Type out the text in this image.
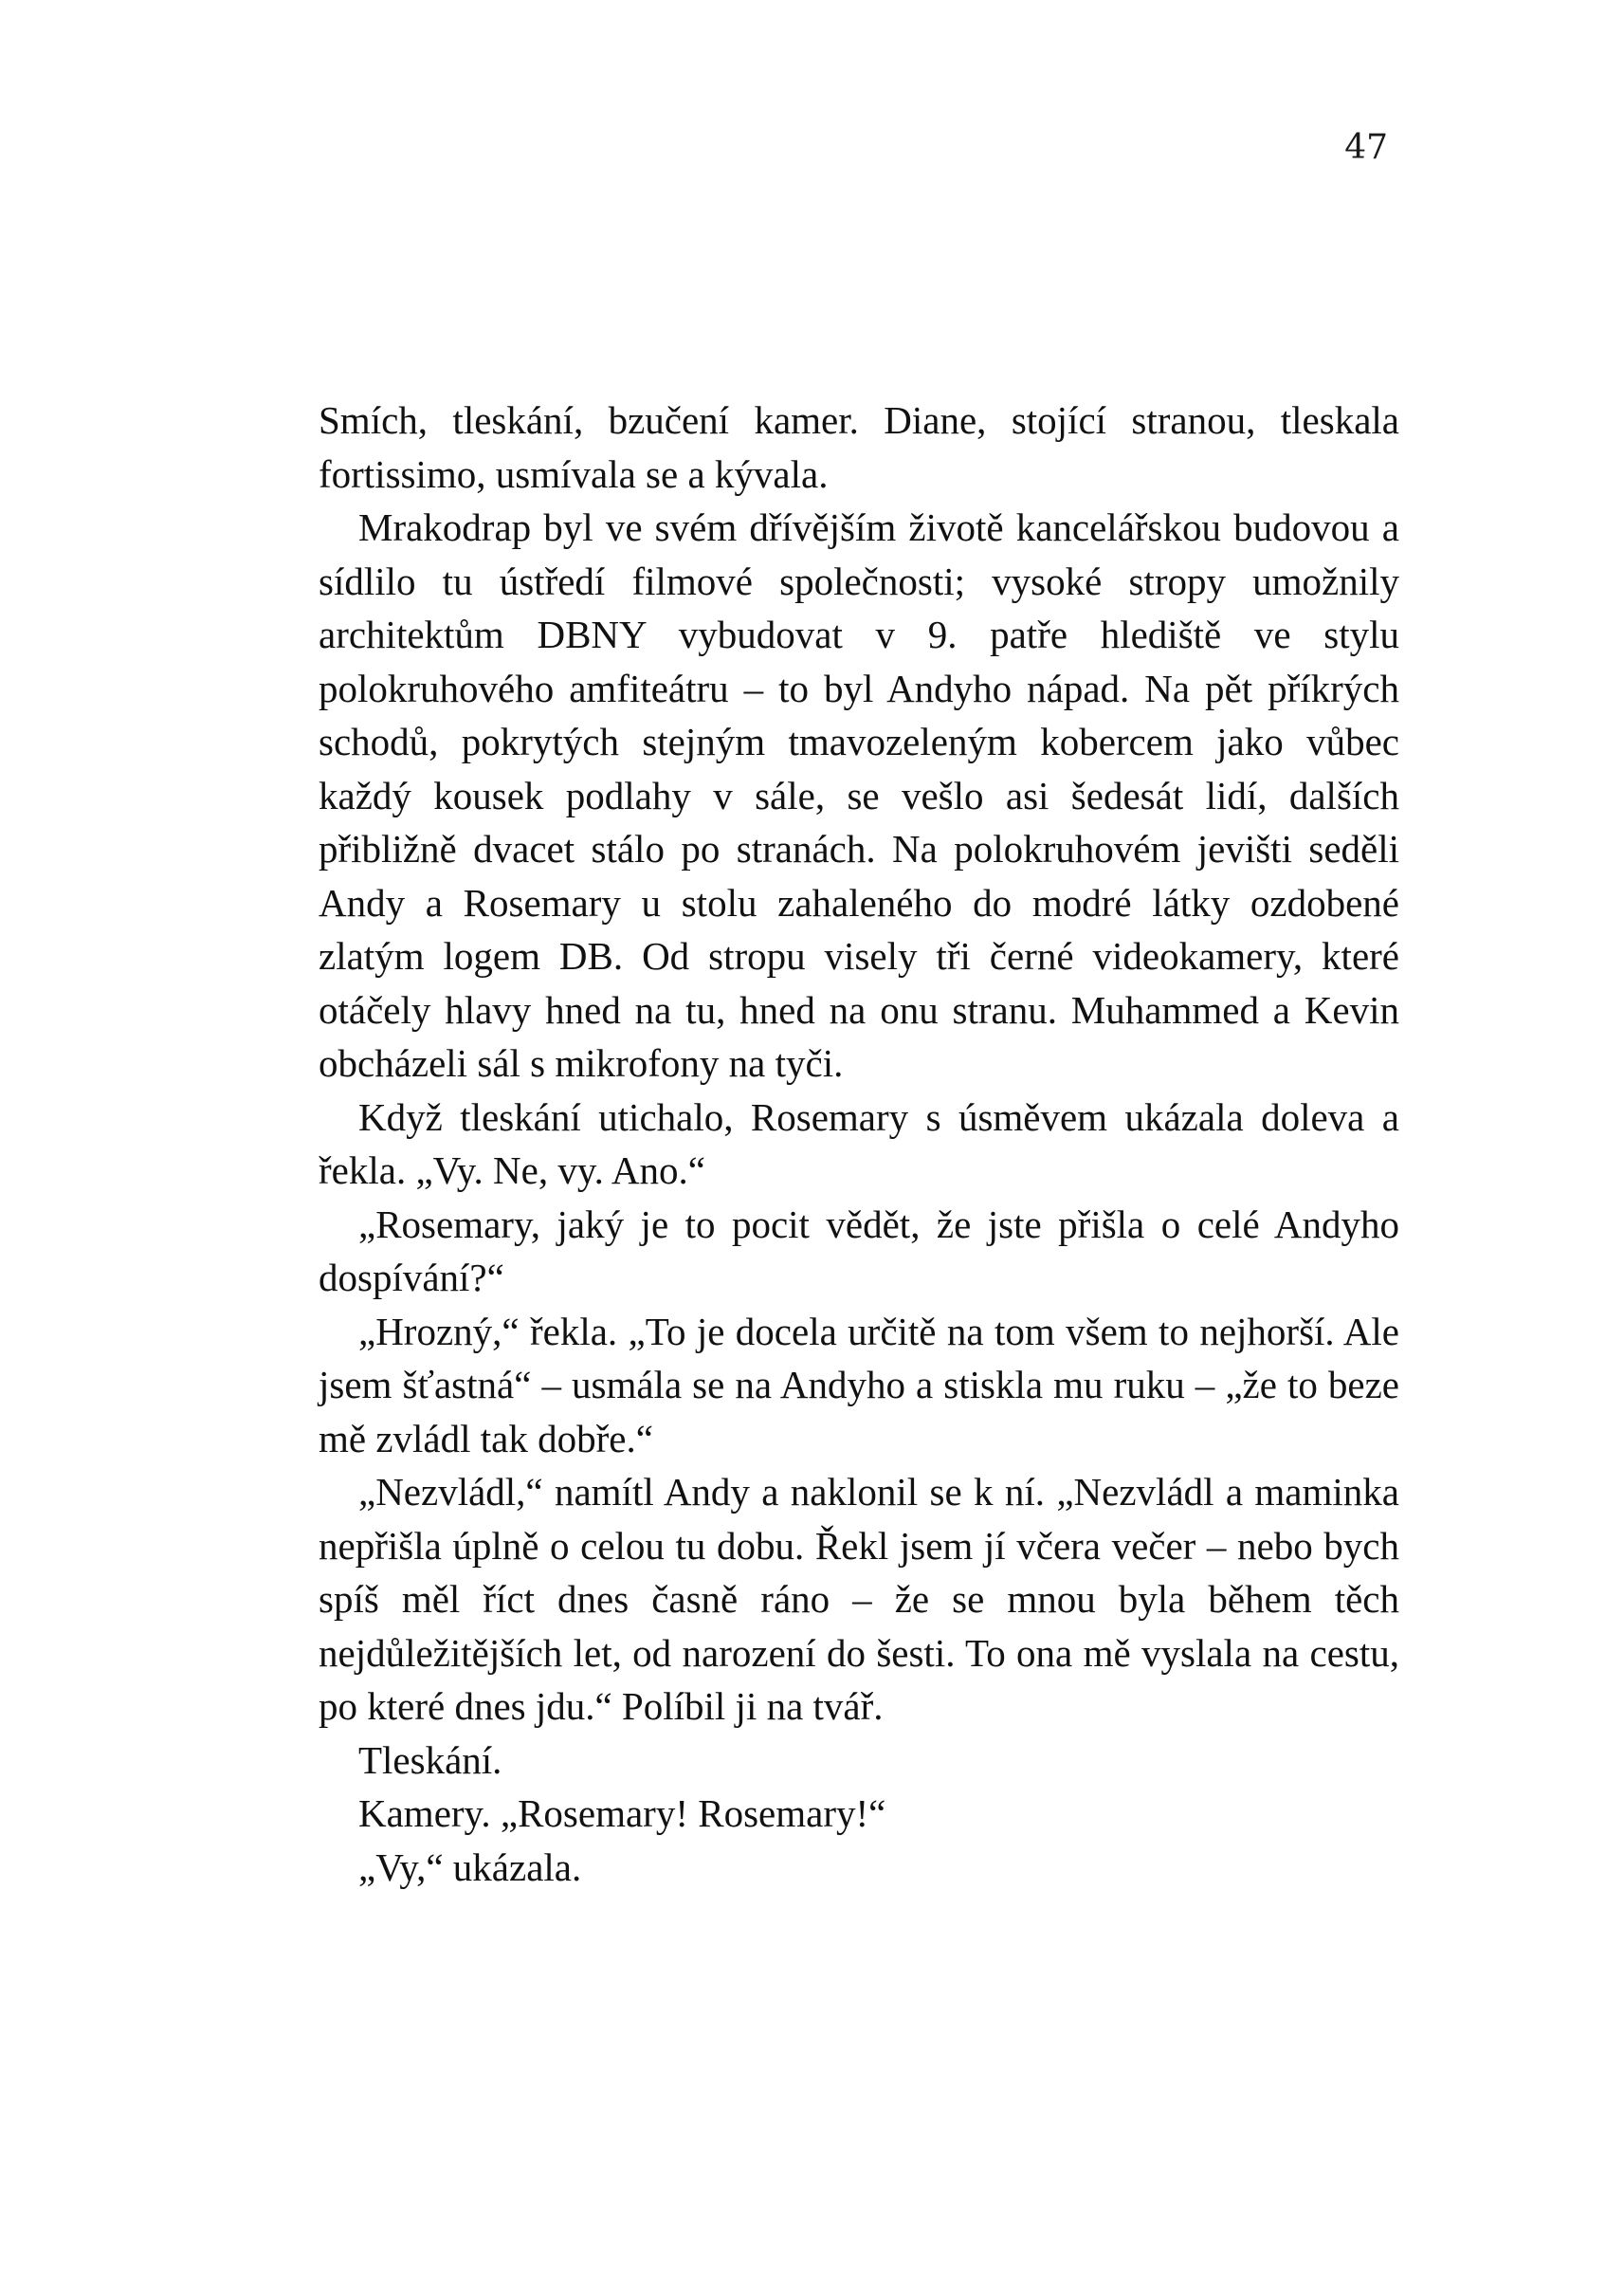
47

Smích, tleskání, bzučení kamer. Diane, stojící stranou, tleskala fortissimo, usmívala se a kývala.

Mrakodrap byl ve svém dřívějším životě kancelářskou budovou a sídlilo tu ústředí filmové společnosti; vysoké stropy umožnily architektům DBNY vybudovat v 9. patře hlediště ve stylu polokruhového amfiteátru – to byl Andyho nápad. Na pět příkrých schodů, pokrytých stejným tmavozeleným kobercem jako vůbec každý kousek podlahy v sále, se vešlo asi šedesát lidí, dalších přibližně dvacet stálo po stranách. Na polokruhovém jevišti seděli Andy a Rosemary u stolu zahaleného do modré látky ozdobené zlatým logem DB. Od stropu visely tři černé videokamery, které otáčely hlavy hned na tu, hned na onu stranu. Muhammed a Kevin obcházeli sál s mikrofony na tyči.

Když tleskání utichalo, Rosemary s úsměvem ukázala doleva a řekla. „Vy. Ne, vy. Ano.“

„Rosemary, jaký je to pocit vědět, že jste přišla o celé Andyho dospívání?“

„Hrozný,“ řekla. „To je docela určitě na tom všem to nejhorší. Ale jsem šťastná“ – usmála se na Andyho a stiskla mu ruku – „že to beze mě zvládl tak dobře.“

„Nezvládl,“ namítl Andy a naklonil se k ní. „Nezvládl a maminka nepřišla úplně o celou tu dobu. Řekl jsem jí včera večer – nebo bych spíš měl říct dnes časně ráno – že se mnou byla během těch nejdůležitějších let, od narození do šesti. To ona mě vyslala na cestu, po které dnes jdu.“ Políbil ji na tvář.

Tleskání.

Kamery. „Rosemary! Rosemary!“

„Vy,“ ukázala.
